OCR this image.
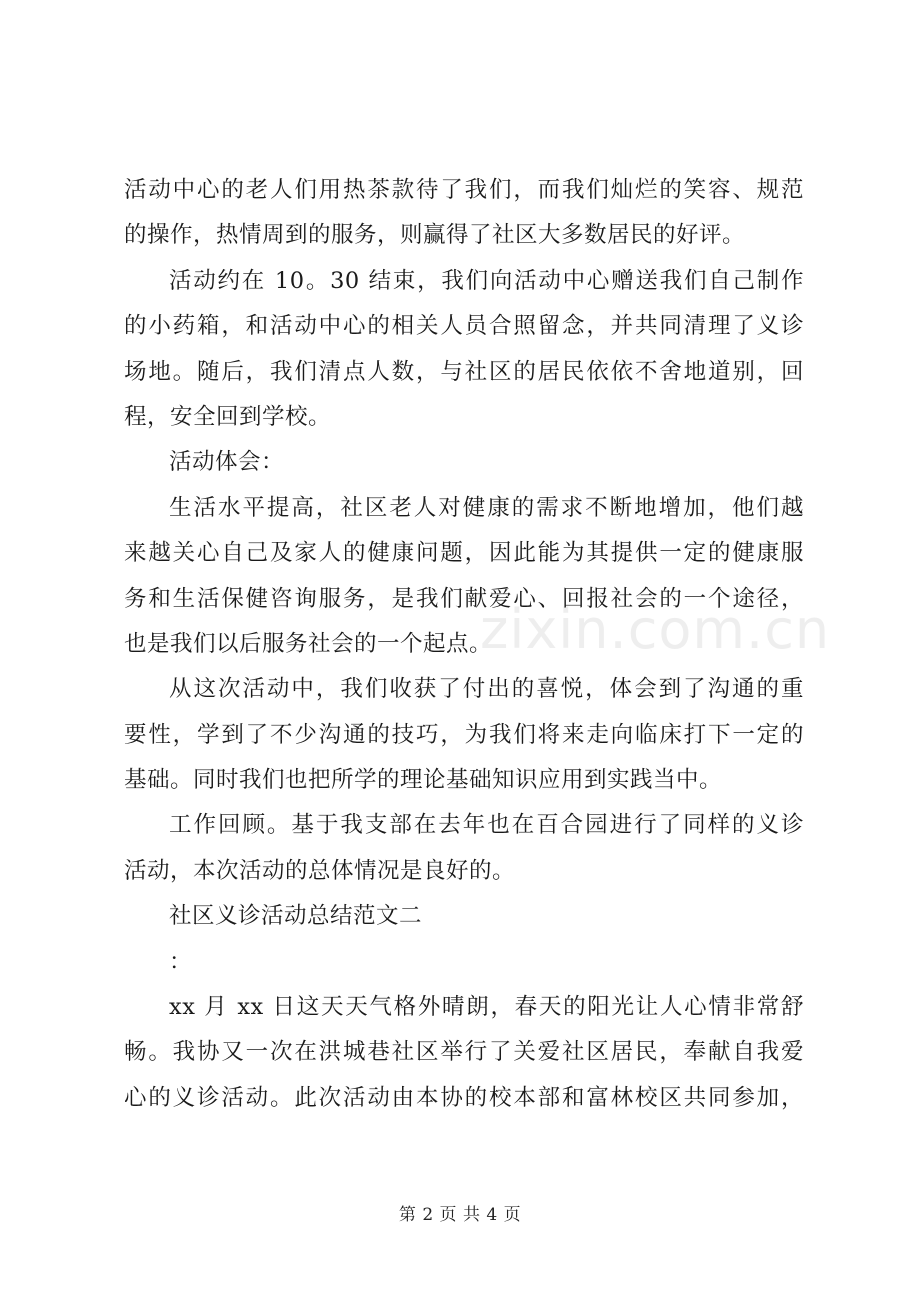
zixin.com.cn
活动中心的老人们用热茶款待了我们，而我们灿烂的笑容、规范
的操作，热情周到的服务，则赢得了社区大多数居民的好评。
活动约在 10。30 结束，我们向活动中心赠送我们自己制作
的小药箱，和活动中心的相关人员合照留念，并共同清理了义诊
场地。随后，我们清点人数，与社区的居民依依不舍地道别，回
程，安全回到学校。
活动体会：
生活水平提高，社区老人对健康的需求不断地增加，他们越
来越关心自己及家人的健康问题，因此能为其提供一定的健康服
务和生活保健咨询服务，是我们献爱心、回报社会的一个途径，
也是我们以后服务社会的一个起点。
从这次活动中，我们收获了付出的喜悦，体会到了沟通的重
要性，学到了不少沟通的技巧，为我们将来走向临床打下一定的
基础。同时我们也把所学的理论基础知识应用到实践当中。
工作回顾。基于我支部在去年也在百合园进行了同样的义诊
活动，本次活动的总体情况是良好的。
社区义诊活动总结范文二
：
xx 月 xx 日这天天气格外晴朗，春天的阳光让人心情非常舒
畅。我协又一次在洪城巷社区举行了关爱社区居民，奉献自我爱
心的义诊活动。此次活动由本协的校本部和富林校区共同参加，
第 2 页 共 4 页
